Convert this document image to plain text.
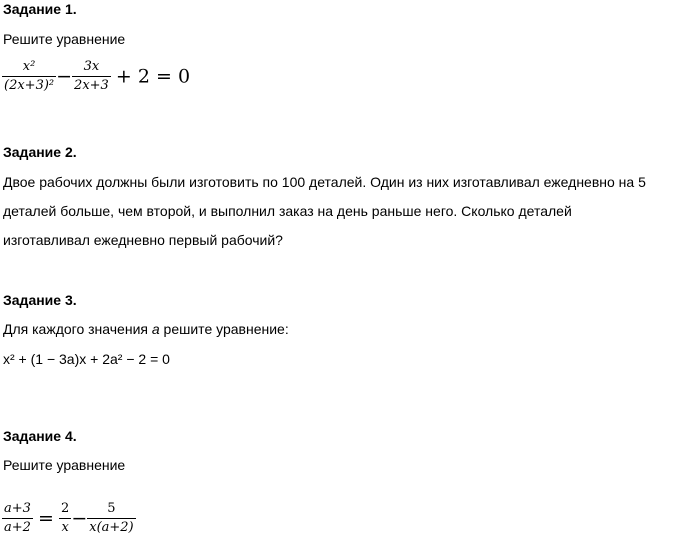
Задание 1.
Решите уравнение
$\frac{\text{x²}}{\text{(2x+3)²}} - \frac{3x}{2x+3} + 2 = 0$
Задание 2.
Двое рабочих должны были изготовить по 100 деталей. Один из них изготавливал ежедневно на 5
деталей больше, чем второй, и выполнил заказ на день раньше него. Сколько деталей
изготавливал ежедневно первый рабочий?
Задание 3.
Для каждого значения a решите уравнение:
x² + (1 − 3a)x + 2a² − 2 = 0
Задание 4.
Решите уравнение
$\frac{a+3}{a+2} = \frac{2}{x} - \frac{5}{x(a+2)}$
